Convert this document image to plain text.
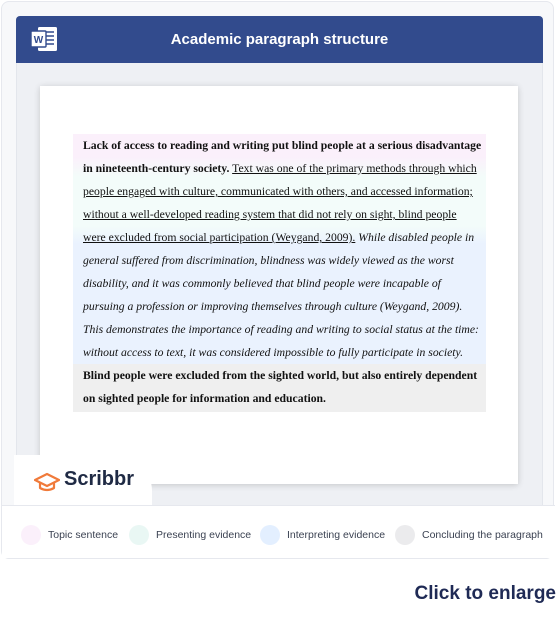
W	Academic paragraph structure
Lack of access to reading and writing put blind people at a serious disadvantage
in nineteenth-century society. Text was one of the primary methods through which
people engaged with culture, communicated with others, and accessed information;
without a well-developed reading system that did not rely on sight, blind people
were excluded from social participation (Weygand, 2009). While disabled people in
general suffered from discrimination, blindness was widely viewed as the worst
disability, and it was commonly believed that blind people were incapable of
pursuing a profession or improving themselves through culture (Weygand, 2009).
This demonstrates the importance of reading and writing to social status at the time:
without access to text, it was considered impossible to fully participate in society.
Blind people were excluded from the sighted world, but also entirely dependent
on sighted people for information and education.
Scribbr
Topic sentence	Presenting evidence	Interpreting evidence	Concluding the paragraph
Click to enlarge
